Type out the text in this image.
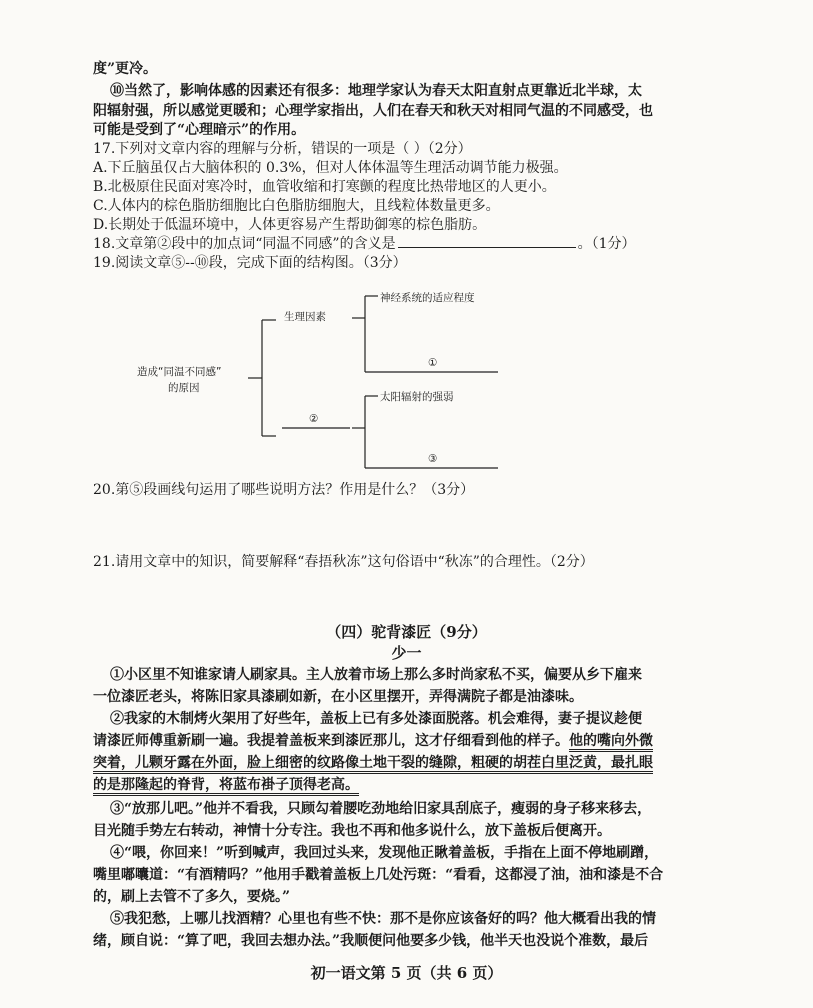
度”更冷。
⑩当然了，影响体感的因素还有很多：地理学家认为春天太阳直射点更靠近北半球，太
阳辐射强，所以感觉更暖和；心理学家指出，人们在春天和秋天对相同气温的不同感受，也
可能是受到了“心理暗示”的作用。
17.下列对文章内容的理解与分析，错误的一项是（ ）（2分）
A.下丘脑虽仅占大脑体积的 0.3%，但对人体体温等生理活动调节能力极强。
B.北极原住民面对寒冷时，血管收缩和打寒颤的程度比热带地区的人更小。
C.人体内的棕色脂肪细胞比白色脂肪细胞大，且线粒体数量更多。
D.长期处于低温环境中，人体更容易产生帮助御寒的棕色脂肪。
18.文章第②段中的加点词“同温不同感”的含义是	。（1分）
19.阅读文章⑤--⑩段，完成下面的结构图。（3分）
造成“同温不同感”
的原因
生理因素
神经系统的适应程度
①
②
太阳辐射的强弱
③
20.第⑤段画线句运用了哪些说明方法？作用是什么？（3分）
21.请用文章中的知识，简要解释“春捂秋冻”这句俗语中“秋冻”的合理性。（2分）
（四）驼背漆匠（9分）
少一
①小区里不知谁家请人刷家具。主人放着市场上那么多时尚家私不买，偏要从乡下雇来
一位漆匠老头，将陈旧家具漆刷如新，在小区里摆开，弄得满院子都是油漆味。
②我家的木制烤火架用了好些年，盖板上已有多处漆面脱落。机会难得，妻子提议趁便
请漆匠师傅重新刷一遍。我提着盖板来到漆匠那儿，这才仔细看到他的样子。他的嘴向外微
突着，儿颗牙露在外面，脸上细密的纹路像土地干裂的缝隙，粗硬的胡茬白里泛黄，最扎眼
的是那隆起的脊背，将蓝布褂子顶得老高。
③“放那儿吧。”他并不看我，只顾勾着腰吃劲地给旧家具刮底子，瘦弱的身子移来移去，
目光随手势左右转动，神情十分专注。我也不再和他多说什么，放下盖板后便离开。
④“喂，你回来！”听到喊声，我回过头来，发现他正瞅着盖板，手指在上面不停地刷蹭，
嘴里嘟囔道：“有酒精吗？”他用手戳着盖板上几处污斑：“看看，这都浸了油，油和漆是不合
的，刷上去管不了多久，要烧。”
⑤我犯愁，上哪儿找酒精？心里也有些不快：那不是你应该备好的吗？他大概看出我的情
绪，顾自说：“算了吧，我回去想办法。”我顺便问他要多少钱，他半天也没说个准数，最后
初一语文第 5 页（共 6 页）
